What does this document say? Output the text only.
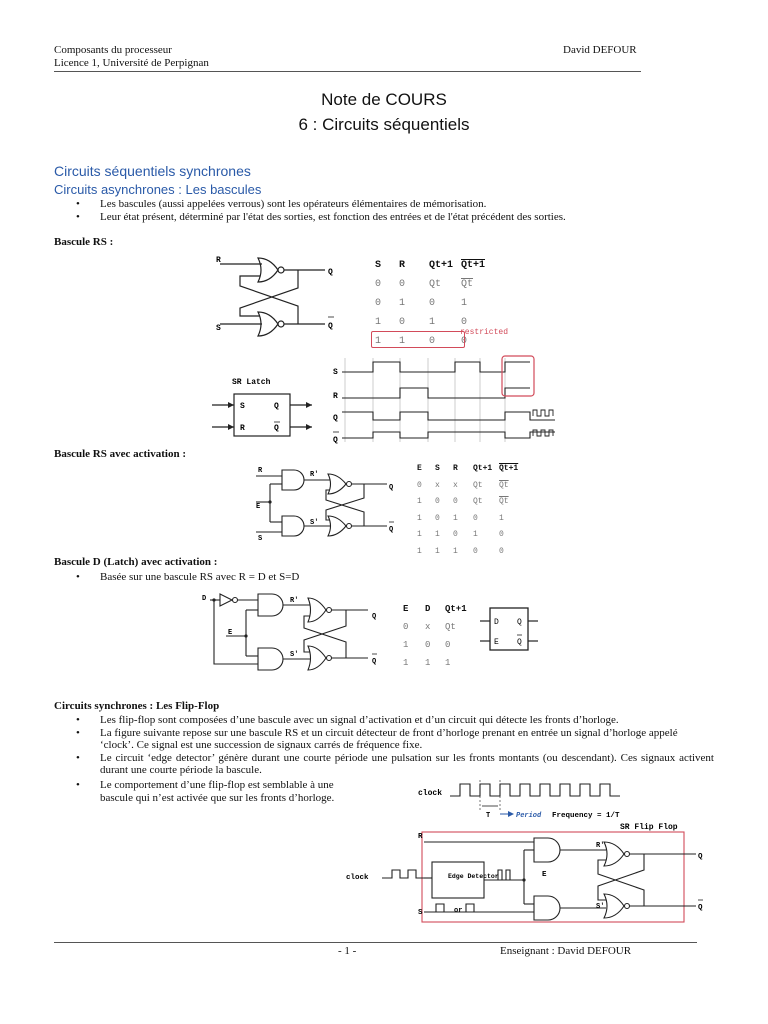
Composants du processeur
Licence 1, Université de Perpignan
David DEFOUR
Note de COURS
6 : Circuits séquentiels
Circuits séquentiels synchrones
Circuits asynchrones : Les bascules
• Les bascules (aussi appelées verrous) sont les opérateurs élémentaires de mémorisation.
• Leur état présent, déterminé par l'état des sorties, est fonction des entrées et de l'état précédent des sorties.
Bascule RS :
R
S
Q
Q
S	R	Qt+1	Qt+1
0	0	Qt	$\overline{Qt}$
0	1	0	1
1	0	1	0
1	1	0	0
restricted
SR Latch
S	Q
R	Q
S
R
Q
Q
Bascule RS avec activation :
R
E
S
R'
S'
Q
Q
E	S	R	Qt+1	Qt+1
0	x	x	Qt	$\overline{Qt}$
1	0	0	Qt	$\overline{Qt}$
1	0	1	0	1
1	1	0	1	0
1	1	1	0	0
Bascule D (Latch) avec activation :
• Basée sur une bascule RS avec R = D et S=D
D
E
R'
S'
Q
Q
E	D	Qt+1
0	x	Qt
1	0	0
1	1	1
D Q
E Q
Circuits synchrones : Les Flip-Flop
• Les flip-flop sont composées d’une bascule avec un signal d’activation et d’un circuit qui détecte les fronts d’horloge.
• La figure suivante repose sur une bascule RS et un circuit détecteur de front d’horloge prenant en entrée un signal d’horloge appelé ‘clock’. Ce signal est une succession de signaux carrés de fréquence fixe.
• Le circuit ‘edge detector’ génère durant une courte période une pulsation sur les fronts montants (ou descendant). Ces signaux activent durant une courte période la bascule.
• Le comportement d’une flip-flop est semblable à une bascule qui n’est activée que sur les fronts d’horloge.	clock
T	Period Frequency = 1/T
SR Flip Flop
R
clock	Edge Detector
or
S
E
R'
S'
Q
Q
- 1 -	Enseignant : David DEFOUR
